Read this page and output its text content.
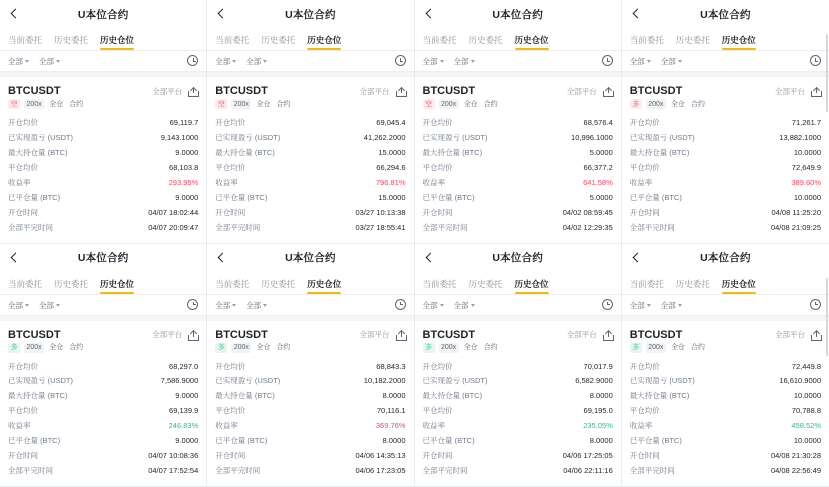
U本位合约
当前委托 历史委托 历史仓位
全部 全部
BTCUSDT	全部平台
空	200x	全仓 合约
开仓均价	69,119.7
已实现盈亏 (USDT)	9,143.1000
最大持仓量 (BTC)	9.0000
平仓均价	68,103.8
收益率	293.95%
已平仓量 (BTC)	9.0000
开仓时间	04/07 18:02:44
全部平完时间	04/07 20:09:47
U本位合约
当前委托 历史委托 历史仓位
全部 全部
BTCUSDT	全部平台
空	200x	全仓 合约
开仓均价	69,045.4
已实现盈亏 (USDT)	41,262.2000
最大持仓量 (BTC)	15.0000
平仓均价	66,294.6
收益率	796.81%
已平仓量 (BTC)	15.0000
开仓时间	03/27 10:13:38
全部平完时间	03/27 18:55:41
U本位合约
当前委托 历史委托 历史仓位
全部 全部
BTCUSDT	全部平台
空	200x	全仓 合约
开仓均价	68,576.4
已实现盈亏 (USDT)	10,996.1000
最大持仓量 (BTC)	5.0000
平仓均价	66,377.2
收益率	641.58%
已平仓量 (BTC)	5.0000
开仓时间	04/02 08:59:45
全部平完时间	04/02 12:29:35
U本位合约
当前委托 历史委托 历史仓位
全部 全部
BTCUSDT	全部平台
多	200x	全仓 合约
开仓均价	71,261.7
已实现盈亏 (USDT)	13,882.1000
最大持仓量 (BTC)	10.0000
平仓均价	72,649.9
收益率	389.60%
已平仓量 (BTC)	10.0000
开仓时间	04/08 11:25:20
全部平完时间	04/08 21:09:25
U本位合约
当前委托 历史委托 历史仓位
全部 全部
BTCUSDT	全部平台
多	200x	全仓 合约
开仓均价	68,297.0
已实现盈亏 (USDT)	7,586.9000
最大持仓量 (BTC)	9.0000
平仓均价	69,139.9
收益率	246.83%
已平仓量 (BTC)	9.0000
开仓时间	04/07 10:08:36
全部平完时间	04/07 17:52:54
U本位合约
当前委托 历史委托 历史仓位
全部 全部
BTCUSDT	全部平台
多	200x	全仓 合约
开仓均价	68,843.3
已实现盈亏 (USDT)	10,182.2000
最大持仓量 (BTC)	8.0000
平仓均价	70,116.1
收益率	369.76%
已平仓量 (BTC)	8.0000
开仓时间	04/06 14:35:13
全部平完时间	04/06 17:23:05
U本位合约
当前委托 历史委托 历史仓位
全部 全部
BTCUSDT	全部平台
多	200x	全仓 合约
开仓均价	70,017.9
已实现盈亏 (USDT)	6,582.9000
最大持仓量 (BTC)	8.0000
平仓均价	69,195.0
收益率	235.05%
已平仓量 (BTC)	8.0000
开仓时间	04/06 17:25:05
全部平完时间	04/06 22:11:16
U本位合约
当前委托 历史委托 历史仓位
全部 全部
BTCUSDT	全部平台
多	200x	全仓 合约
开仓均价	72,449.8
已实现盈亏 (USDT)	16,610.9000
最大持仓量 (BTC)	10.0000
平仓均价	70,788.8
收益率	458.52%
已平仓量 (BTC)	10.0000
开仓时间	04/08 21:30:28
全部平完时间	04/08 22:56:49
